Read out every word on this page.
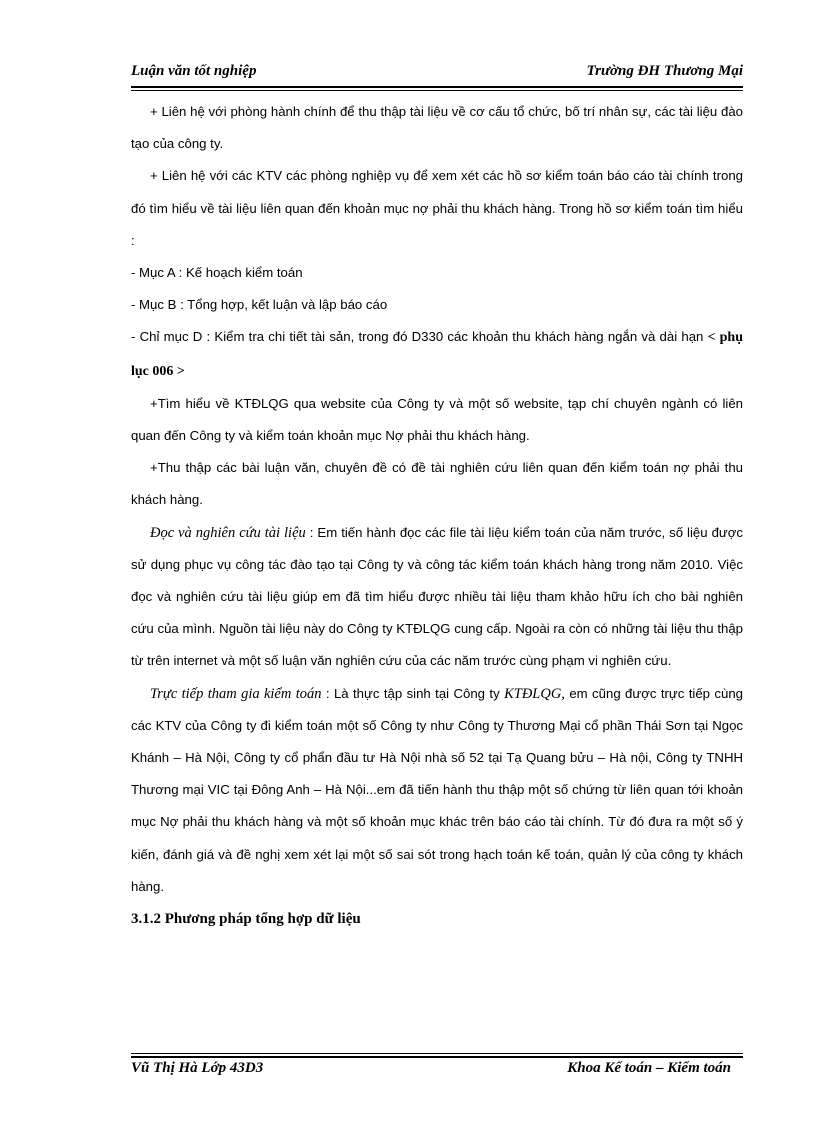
Luận văn tốt nghiệp	Trường ĐH Thương Mại

+ Liên hệ với phòng hành chính để thu thập tài liệu về cơ cấu tổ chức, bố trí nhân sự, các tài liệu đào tạo của công ty.

+ Liên hệ với các KTV các phòng nghiệp vụ để xem xét các hồ sơ kiểm toán báo cáo tài chính trong đó tìm hiểu về tài liệu liên quan đến khoản mục nợ phải thu khách hàng. Trong hồ sơ kiểm toán tìm hiểu :

- Mục A : Kế hoạch kiểm toán

- Mục B : Tổng hợp, kết luận và lập báo cáo

- Chỉ mục D : Kiểm tra chi tiết tài sản, trong đó D330 các khoản thu khách hàng ngắn và dài hạn < phụ lục 006 >

+Tìm hiểu về KTĐLQG qua website của Công ty và một số website, tạp chí chuyên ngành có liên quan đến Công ty và kiểm toán khoản mục Nợ phải thu khách hàng.

+Thu thập các bài luận văn, chuyên đề có đề tài nghiên cứu liên quan đến kiểm toán nợ phải thu khách hàng.

Đọc và nghiên cứu tài liệu : Em tiến hành đọc các file tài liệu kiểm toán của năm trước, số liệu được sử dụng phục vụ công tác đào tạo tại Công ty và công tác kiểm toán khách hàng trong năm 2010. Việc đọc và nghiên cứu tài liệu giúp em đã tìm hiểu được nhiều tài liệu tham khảo hữu ích cho bài nghiên cứu của mình. Nguồn tài liệu này do Công ty KTĐLQG cung cấp. Ngoài ra còn có những tài liệu thu thập từ trên internet và một số luận văn nghiên cứu của các năm trước cùng phạm vi nghiên cứu.

Trực tiếp tham gia kiểm toán : Là thực tập sinh tại Công ty KTĐLQG, em cũng được trực tiếp cùng các KTV của Công ty đi kiểm toán một số Công ty như Công ty Thương Mại cổ phần Thái Sơn tại Ngọc Khánh – Hà Nội, Công ty cổ phẩn đầu tư Hà Nội nhà số 52 tại Tạ Quang bửu – Hà nội, Công ty TNHH Thương mại VIC tại Đông Anh – Hà Nội...em đã tiến hành thu thập một số chứng từ liên quan tới khoản mục Nợ phải thu khách hàng và một số khoản mục khác trên báo cáo tài chính. Từ đó đưa ra một số ý kiến, đánh giá và đề nghị xem xét lại một số sai sót trong hạch toán kế toán, quản lý của công ty khách hàng.

3.1.2 Phương pháp tổng hợp dữ liệu

Vũ Thị Hà Lớp 43D3	Khoa Kế toán – Kiểm toán
